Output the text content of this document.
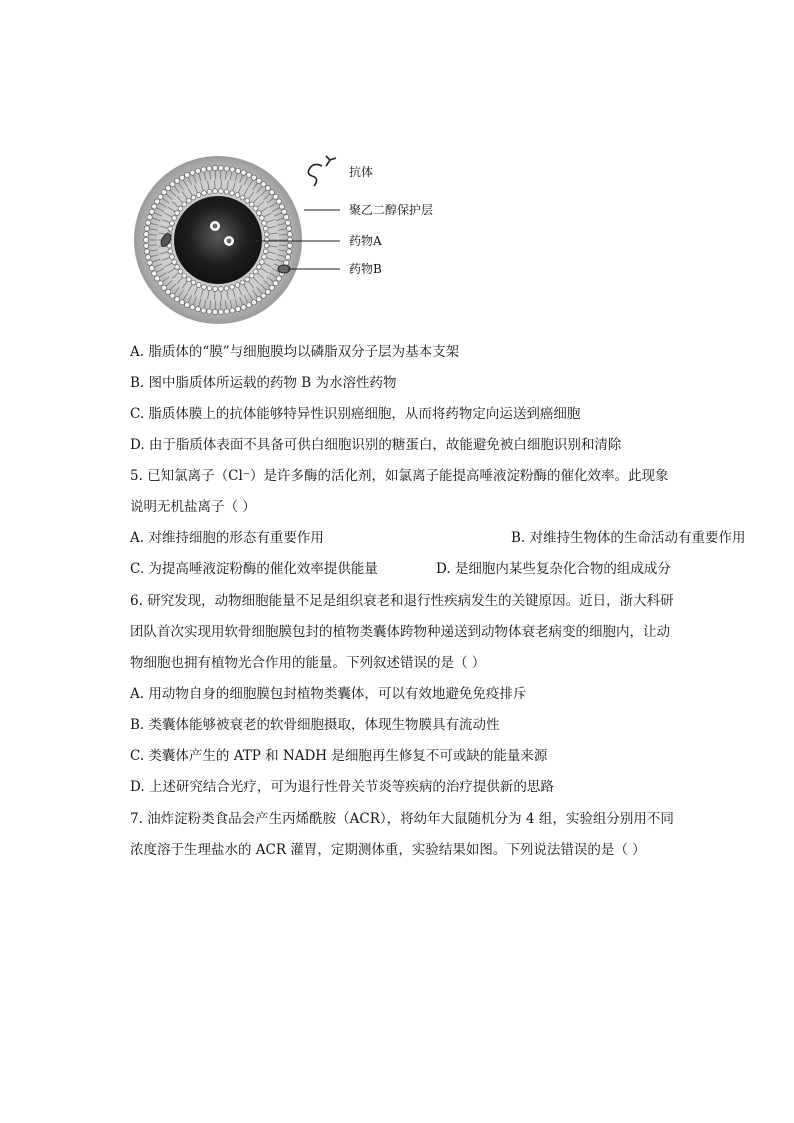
抗体
聚乙二醇保护层
药物A
药物B
A. 脂质体的“膜”与细胞膜均以磷脂双分子层为基本支架
B. 图中脂质体所运载的药物 B 为水溶性药物
C. 脂质体膜上的抗体能够特异性识别癌细胞，从而将药物定向运送到癌细胞
D. 由于脂质体表面不具备可供白细胞识别的糖蛋白，故能避免被白细胞识别和清除
5. 已知氯离子（Cl⁻）是许多酶的活化剂，如氯离子能提高唾液淀粉酶的催化效率。此现象
说明无机盐离子（ ）
A. 对维持细胞的形态有重要作用	B. 对维持生物体的生命活动有重要作用
C. 为提高唾液淀粉酶的催化效率提供能量	D. 是细胞内某些复杂化合物的组成成分
6. 研究发现，动物细胞能量不足是组织衰老和退行性疾病发生的关键原因。近日，浙大科研
团队首次实现用软骨细胞膜包封的植物类囊体跨物种递送到动物体衰老病变的细胞内，让动
物细胞也拥有植物光合作用的能量。下列叙述错误的是（ ）
A. 用动物自身的细胞膜包封植物类囊体，可以有效地避免免疫排斥
B. 类囊体能够被衰老的软骨细胞摄取，体现生物膜具有流动性
C. 类囊体产生的 ATP 和 NADH 是细胞再生修复不可或缺的能量来源
D. 上述研究结合光疗，可为退行性骨关节炎等疾病的治疗提供新的思路
7. 油炸淀粉类食品会产生丙烯酰胺（ACR），将幼年大鼠随机分为 4 组，实验组分别用不同
浓度溶于生理盐水的 ACR 灌胃，定期测体重，实验结果如图。下列说法错误的是（ ）
